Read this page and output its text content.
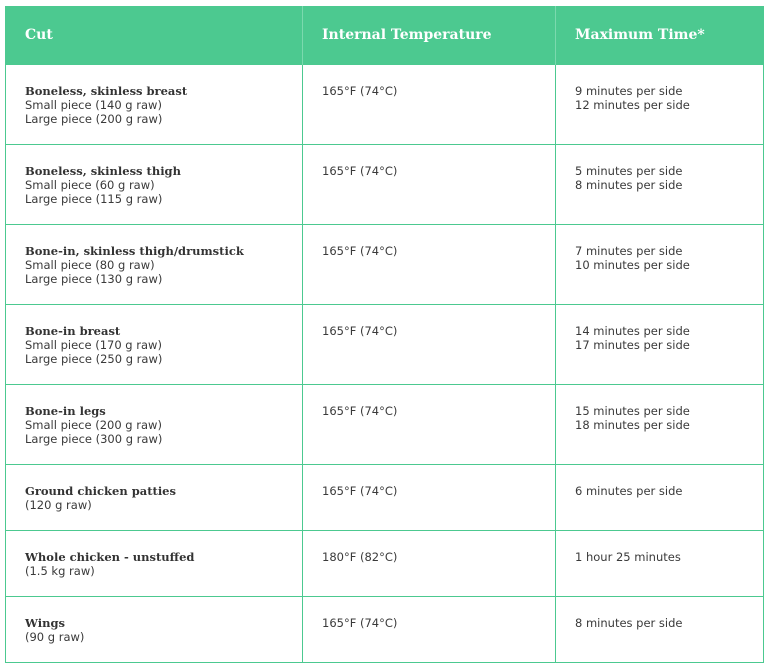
Cut	Internal Temperature	Maximum Time*

Boneless, skinless breast
Small piece (140 g raw)
Large piece (200 g raw)	165°F (74°C)	9 minutes per side
12 minutes per side

Boneless, skinless thigh
Small piece (60 g raw)
Large piece (115 g raw)	165°F (74°C)	5 minutes per side
8 minutes per side

Bone-in, skinless thigh/drumstick
Small piece (80 g raw)
Large piece (130 g raw)	165°F (74°C)	7 minutes per side
10 minutes per side

Bone-in breast
Small piece (170 g raw)
Large piece (250 g raw)	165°F (74°C)	14 minutes per side
17 minutes per side

Bone-in legs
Small piece (200 g raw)
Large piece (300 g raw)	165°F (74°C)	15 minutes per side
18 minutes per side

Ground chicken patties
(120 g raw)	165°F (74°C)	6 minutes per side

Whole chicken - unstuffed
(1.5 kg raw)	180°F (82°C)	1 hour 25 minutes

Wings
(90 g raw)	165°F (74°C)	8 minutes per side
